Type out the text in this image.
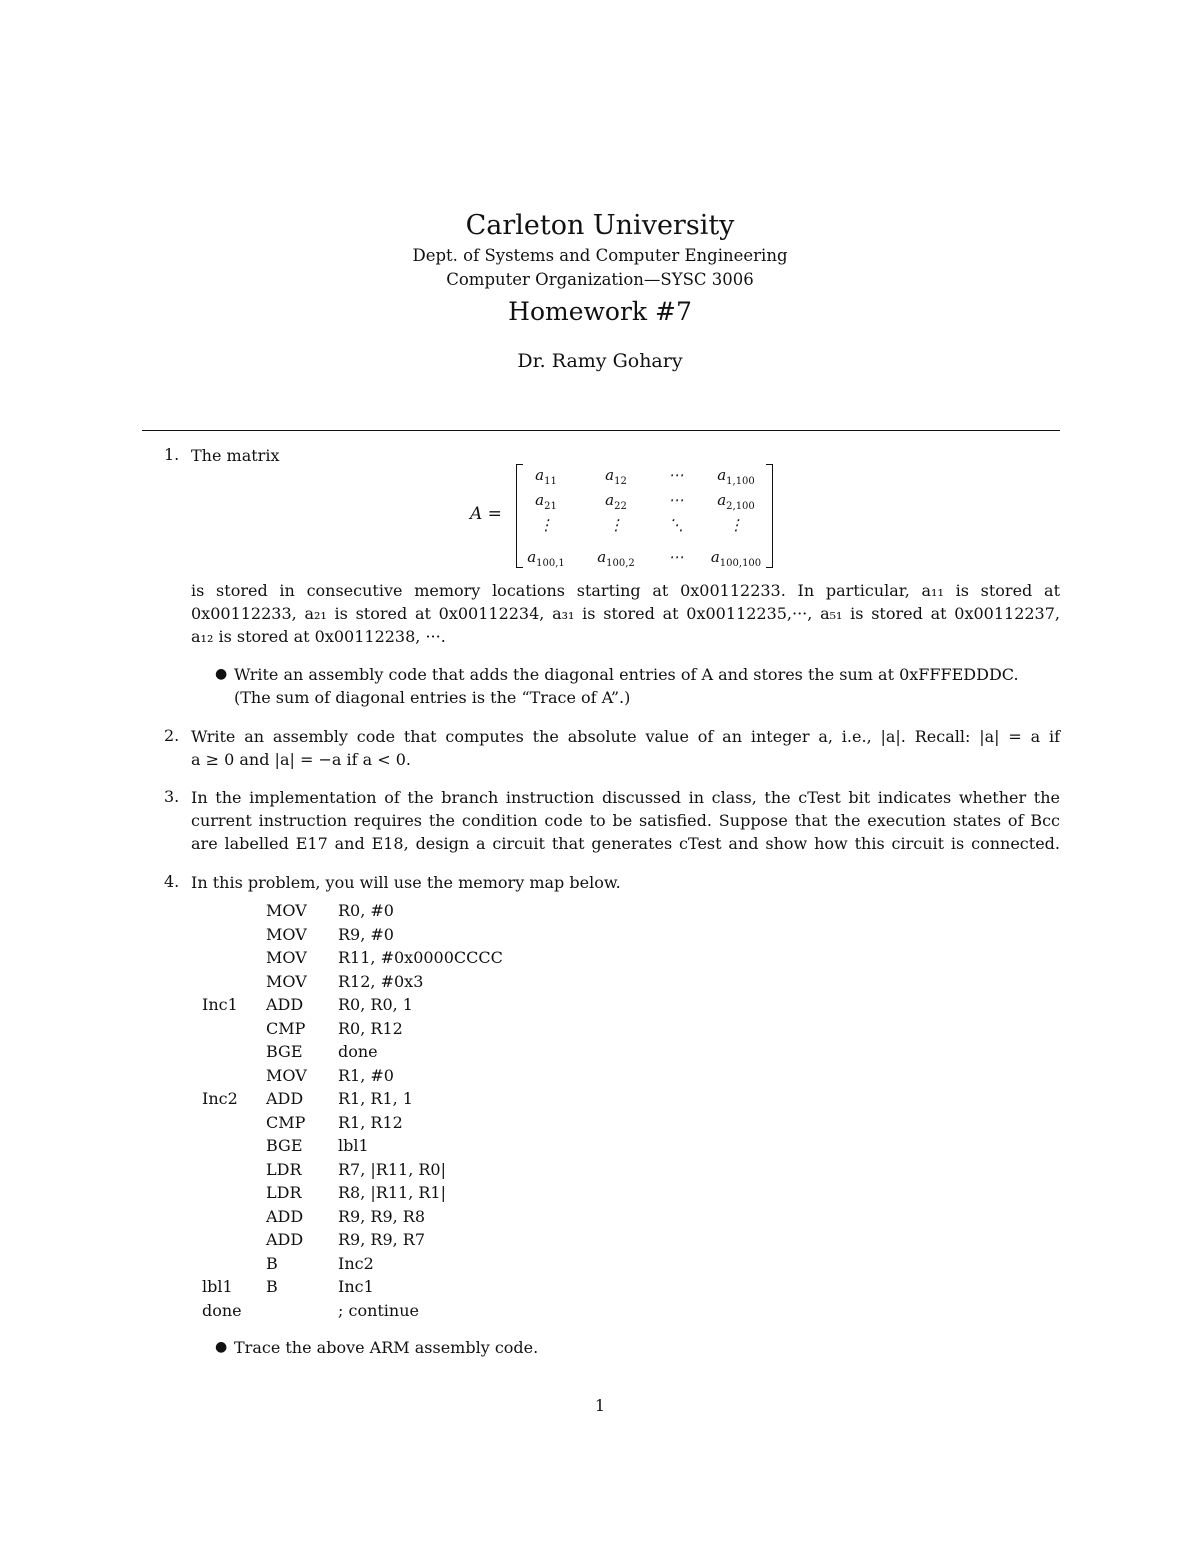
Carleton University
Dept. of Systems and Computer Engineering
Computer Organization—SYSC 3006
Homework #7
Dr. Ramy Gohary
1. The matrix
A =
$a_{11}$	$a_{12}$	⋯	$a_{1,100}$
$a_{21}$	$a_{22}$	⋯	$a_{2,100}$
⋮	⋮	⋱	⋮
$a_{100,1}$	$a_{100,2}$	⋯	$a_{100,100}$
is stored in consecutive memory locations starting at 0x00112233. In particular, a₁₁ is stored at
0x00112233, a₂₁ is stored at 0x00112234, a₃₁ is stored at 0x00112235,···, a₅₁ is stored at 0x00112237,
a₁₂ is stored at 0x00112238, ···.
● Write an assembly code that adds the diagonal entries of A and stores the sum at 0xFFFEDDDC.
(The sum of diagonal entries is the “Trace of A”.)
2. Write an assembly code that computes the absolute value of an integer a, i.e., |a|. Recall: |a| = a if
a ≥ 0 and |a| = −a if a < 0.
3. In the implementation of the branch instruction discussed in class, the cTest bit indicates whether the
current instruction requires the condition code to be satisfied. Suppose that the execution states of Bcc
are labelled E17 and E18, design a circuit that generates cTest and show how this circuit is connected.
4. In this problem, you will use the memory map below.
MOV R0, #0
MOV R9, #0
MOV R11, #0x0000CCCC
MOV R12, #0x3
Inc1 ADD R0, R0, 1
CMP R0, R12
BGE done
MOV R1, #0
Inc2 ADD R1, R1, 1
CMP R1, R12
BGE lbl1
LDR R7, |R11, R0|
LDR R8, |R11, R1|
ADD R9, R9, R8
ADD R9, R9, R7
B	Inc2
lbl1 B	Inc1
done	; continue
● Trace the above ARM assembly code.
1
